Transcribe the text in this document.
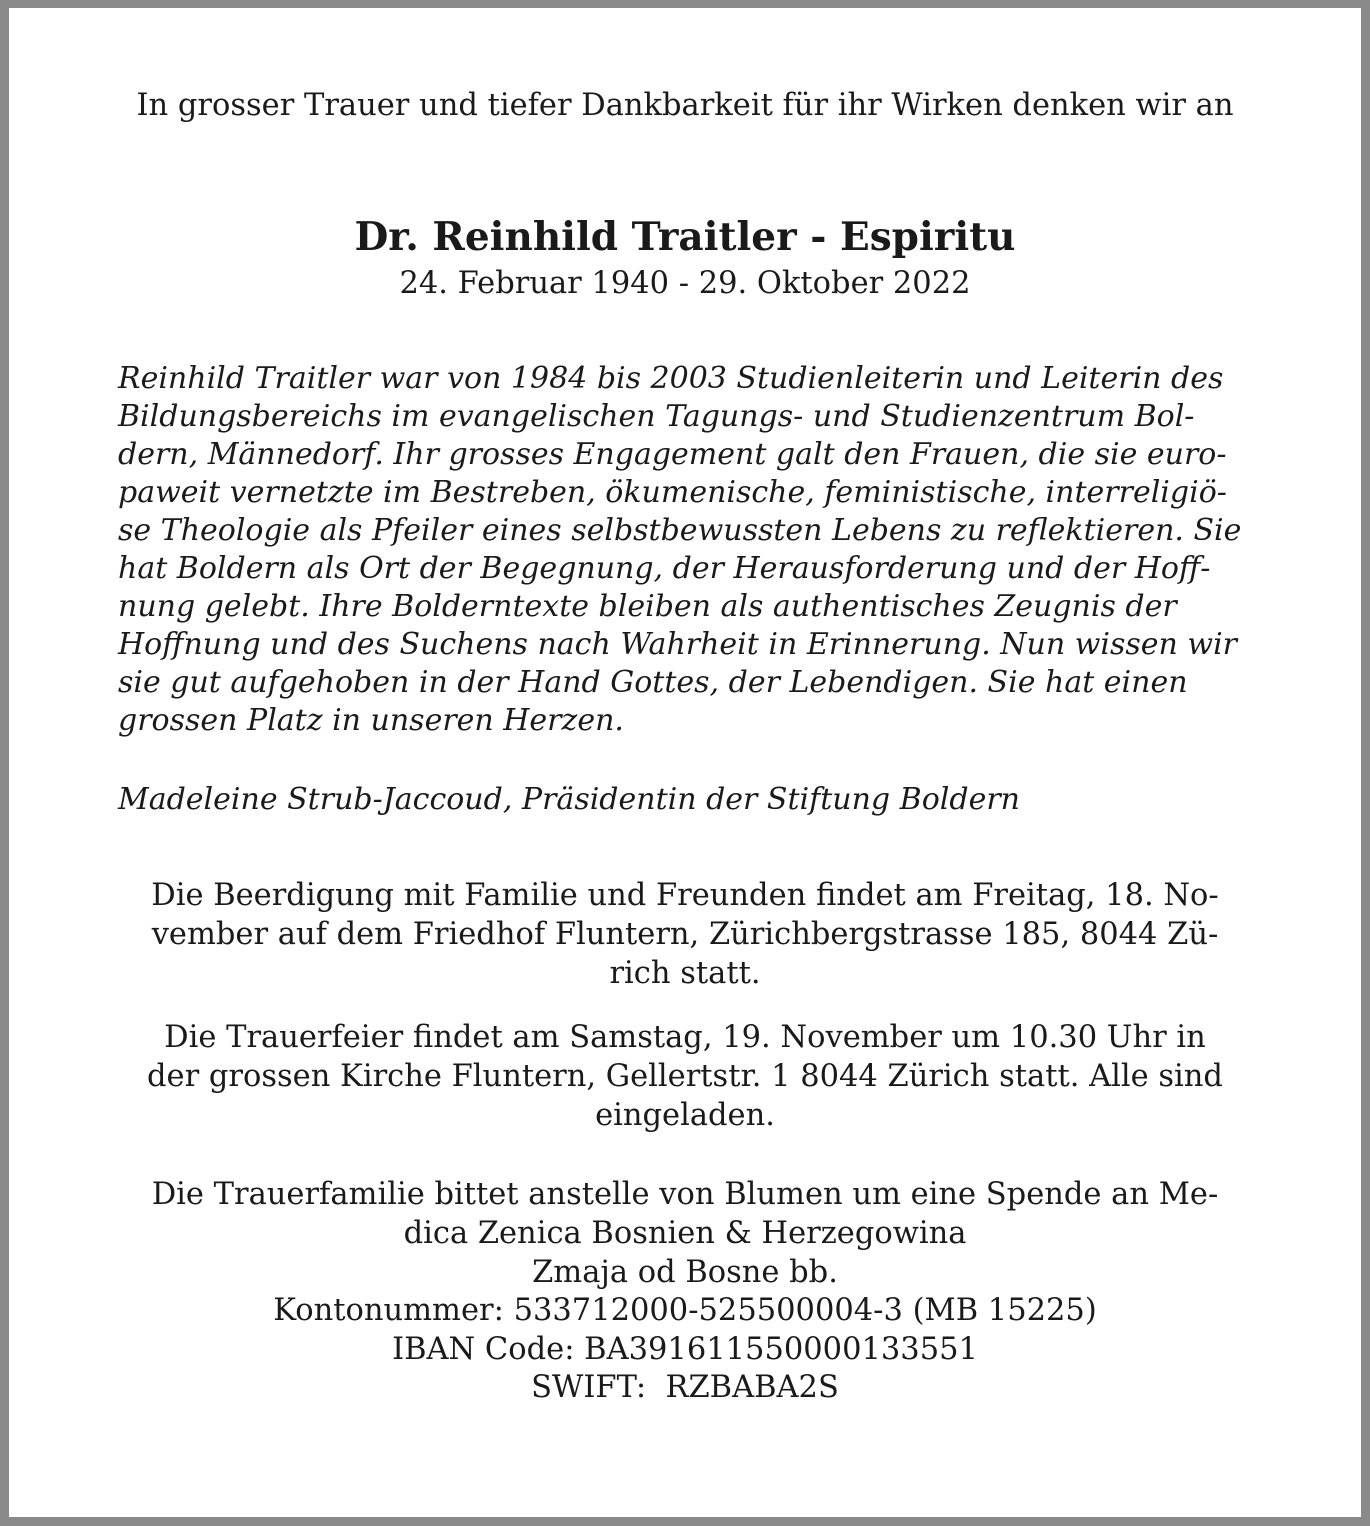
In grosser Trauer und tiefer Dankbarkeit für ihr Wirken denken wir an
Dr. Reinhild Traitler - Espiritu
24. Februar 1940 - 29. Oktober 2022
Reinhild Traitler war von 1984 bis 2003 Studienleiterin und Leiterin des
Bildungsbereichs im evangelischen Tagungs- und Studienzentrum Bol-
dern, Männedorf. Ihr grosses Engagement galt den Frauen, die sie euro-
paweit vernetzte im Bestreben, ökumenische, feministische, interreligiö-
se Theologie als Pfeiler eines selbstbewussten Lebens zu reflektieren. Sie
hat Boldern als Ort der Begegnung, der Herausforderung und der Hoff-
nung gelebt. Ihre Bolderntexte bleiben als authentisches Zeugnis der
Hoffnung und des Suchens nach Wahrheit in Erinnerung. Nun wissen wir
sie gut aufgehoben in der Hand Gottes, der Lebendigen. Sie hat einen
grossen Platz in unseren Herzen.
Madeleine Strub-Jaccoud, Präsidentin der Stiftung Boldern
Die Beerdigung mit Familie und Freunden findet am Freitag, 18. No-
vember auf dem Friedhof Fluntern, Zürichbergstrasse 185, 8044 Zü-
rich statt.
Die Trauerfeier findet am Samstag, 19. November um 10.30 Uhr in
der grossen Kirche Fluntern, Gellertstr. 1 8044 Zürich statt. Alle sind
eingeladen.
Die Trauerfamilie bittet anstelle von Blumen um eine Spende an Me-
dica Zenica Bosnien & Herzegowina
Zmaja od Bosne bb.
Kontonummer: 533712000-525500004-3 (MB 15225)
IBAN Code: BA391611550000133551
SWIFT:  RZBABA2S
